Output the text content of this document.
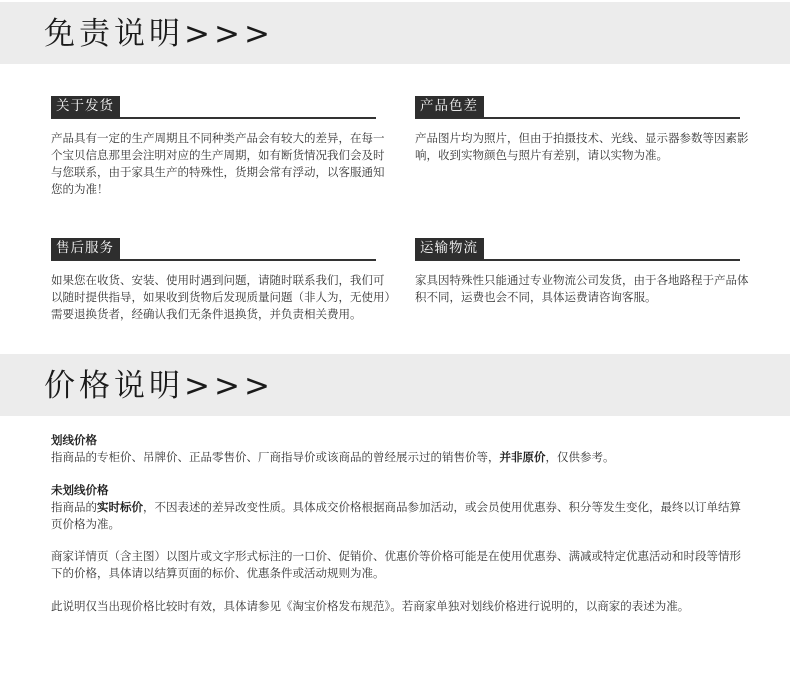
免责说明>>>
关于发货
产品具有一定的生产周期且不同种类产品会有较大的差异，在每一个宝贝信息那里会注明对应的生产周期，如有断货情况我们会及时与您联系，由于家具生产的特殊性，货期会常有浮动，以客服通知您的为准！
产品色差
产品图片均为照片，但由于拍摄技术、光线、显示器参数等因素影响，收到实物颜色与照片有差别，请以实物为准。
售后服务
如果您在收货、安装、使用时遇到问题，请随时联系我们，我们可以随时提供指导，如果收到货物后发现质量问题（非人为，无使用）需要退换货者，经确认我们无条件退换货，并负责相关费用。
运输物流
家具因特殊性只能通过专业物流公司发货，由于各地路程于产品体积不同，运费也会不同，具体运费请咨询客服。
价格说明>>>
划线价格
指商品的专柜价、吊牌价、正品零售价、厂商指导价或该商品的曾经展示过的销售价等，并非原价，仅供参考。
未划线价格
指商品的实时标价，不因表述的差异改变性质。具体成交价格根据商品参加活动，或会员使用优惠券、积分等发生变化，最终以订单结算页价格为准。
商家详情页（含主图）以图片或文字形式标注的一口价、促销价、优惠价等价格可能是在使用优惠券、满减或特定优惠活动和时段等情形下的价格，具体请以结算页面的标价、优惠条件或活动规则为准。
此说明仅当出现价格比较时有效，具体请参见《淘宝价格发布规范》。若商家单独对划线价格进行说明的，以商家的表述为准。
